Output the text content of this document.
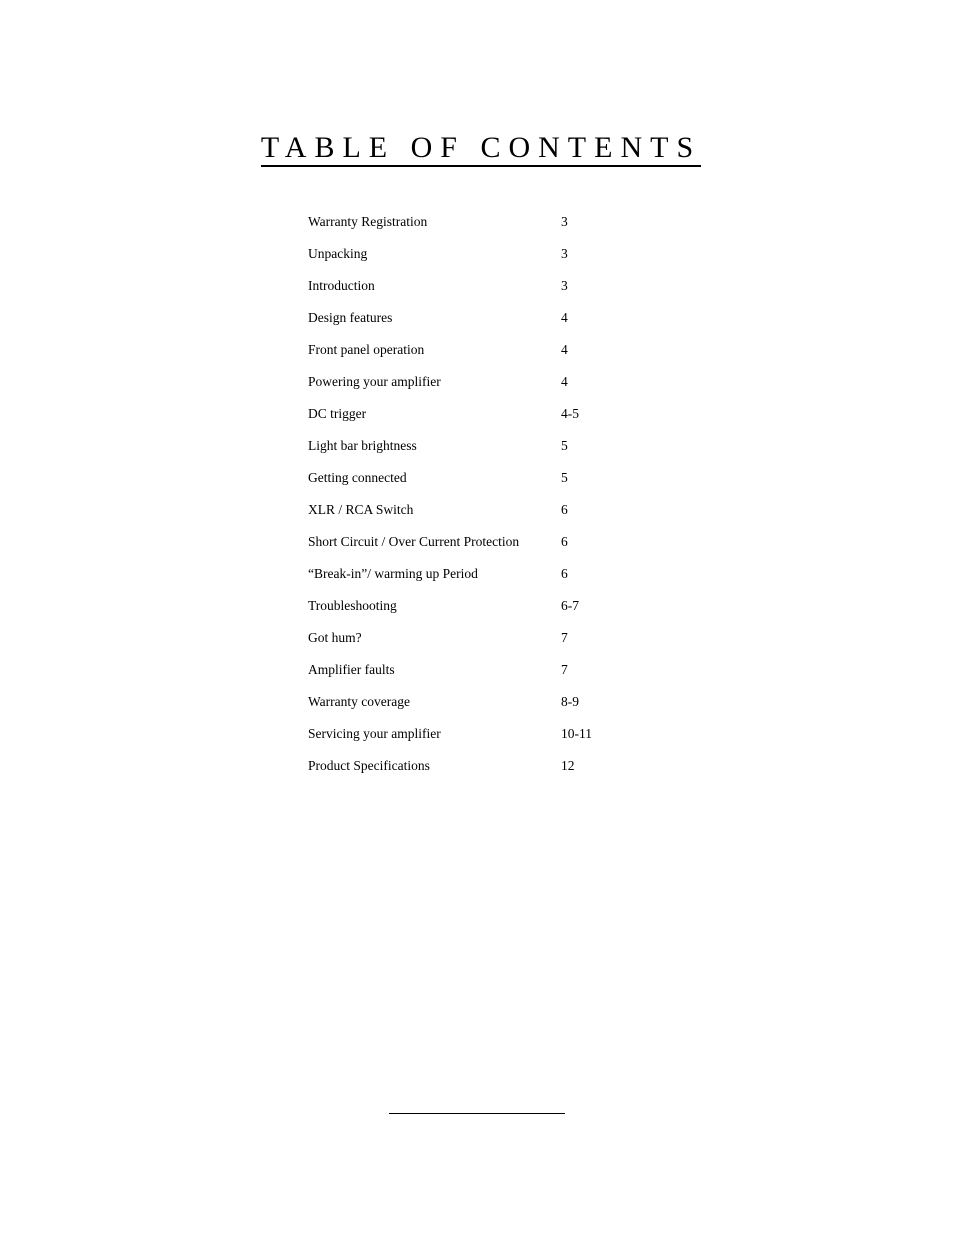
TABLE OF CONTENTS
Warranty Registration	3
Unpacking	3
Introduction	3
Design features	4
Front panel operation	4
Powering your amplifier	4
DC trigger	4-5
Light bar brightness	5
Getting connected	5
XLR / RCA Switch	6
Short Circuit / Over Current Protection	6
“Break-in”/ warming up Period	6
Troubleshooting	6-7
Got hum?	7
Amplifier faults	7
Warranty coverage	8-9
Servicing your amplifier	10-11
Product Specifications	12
